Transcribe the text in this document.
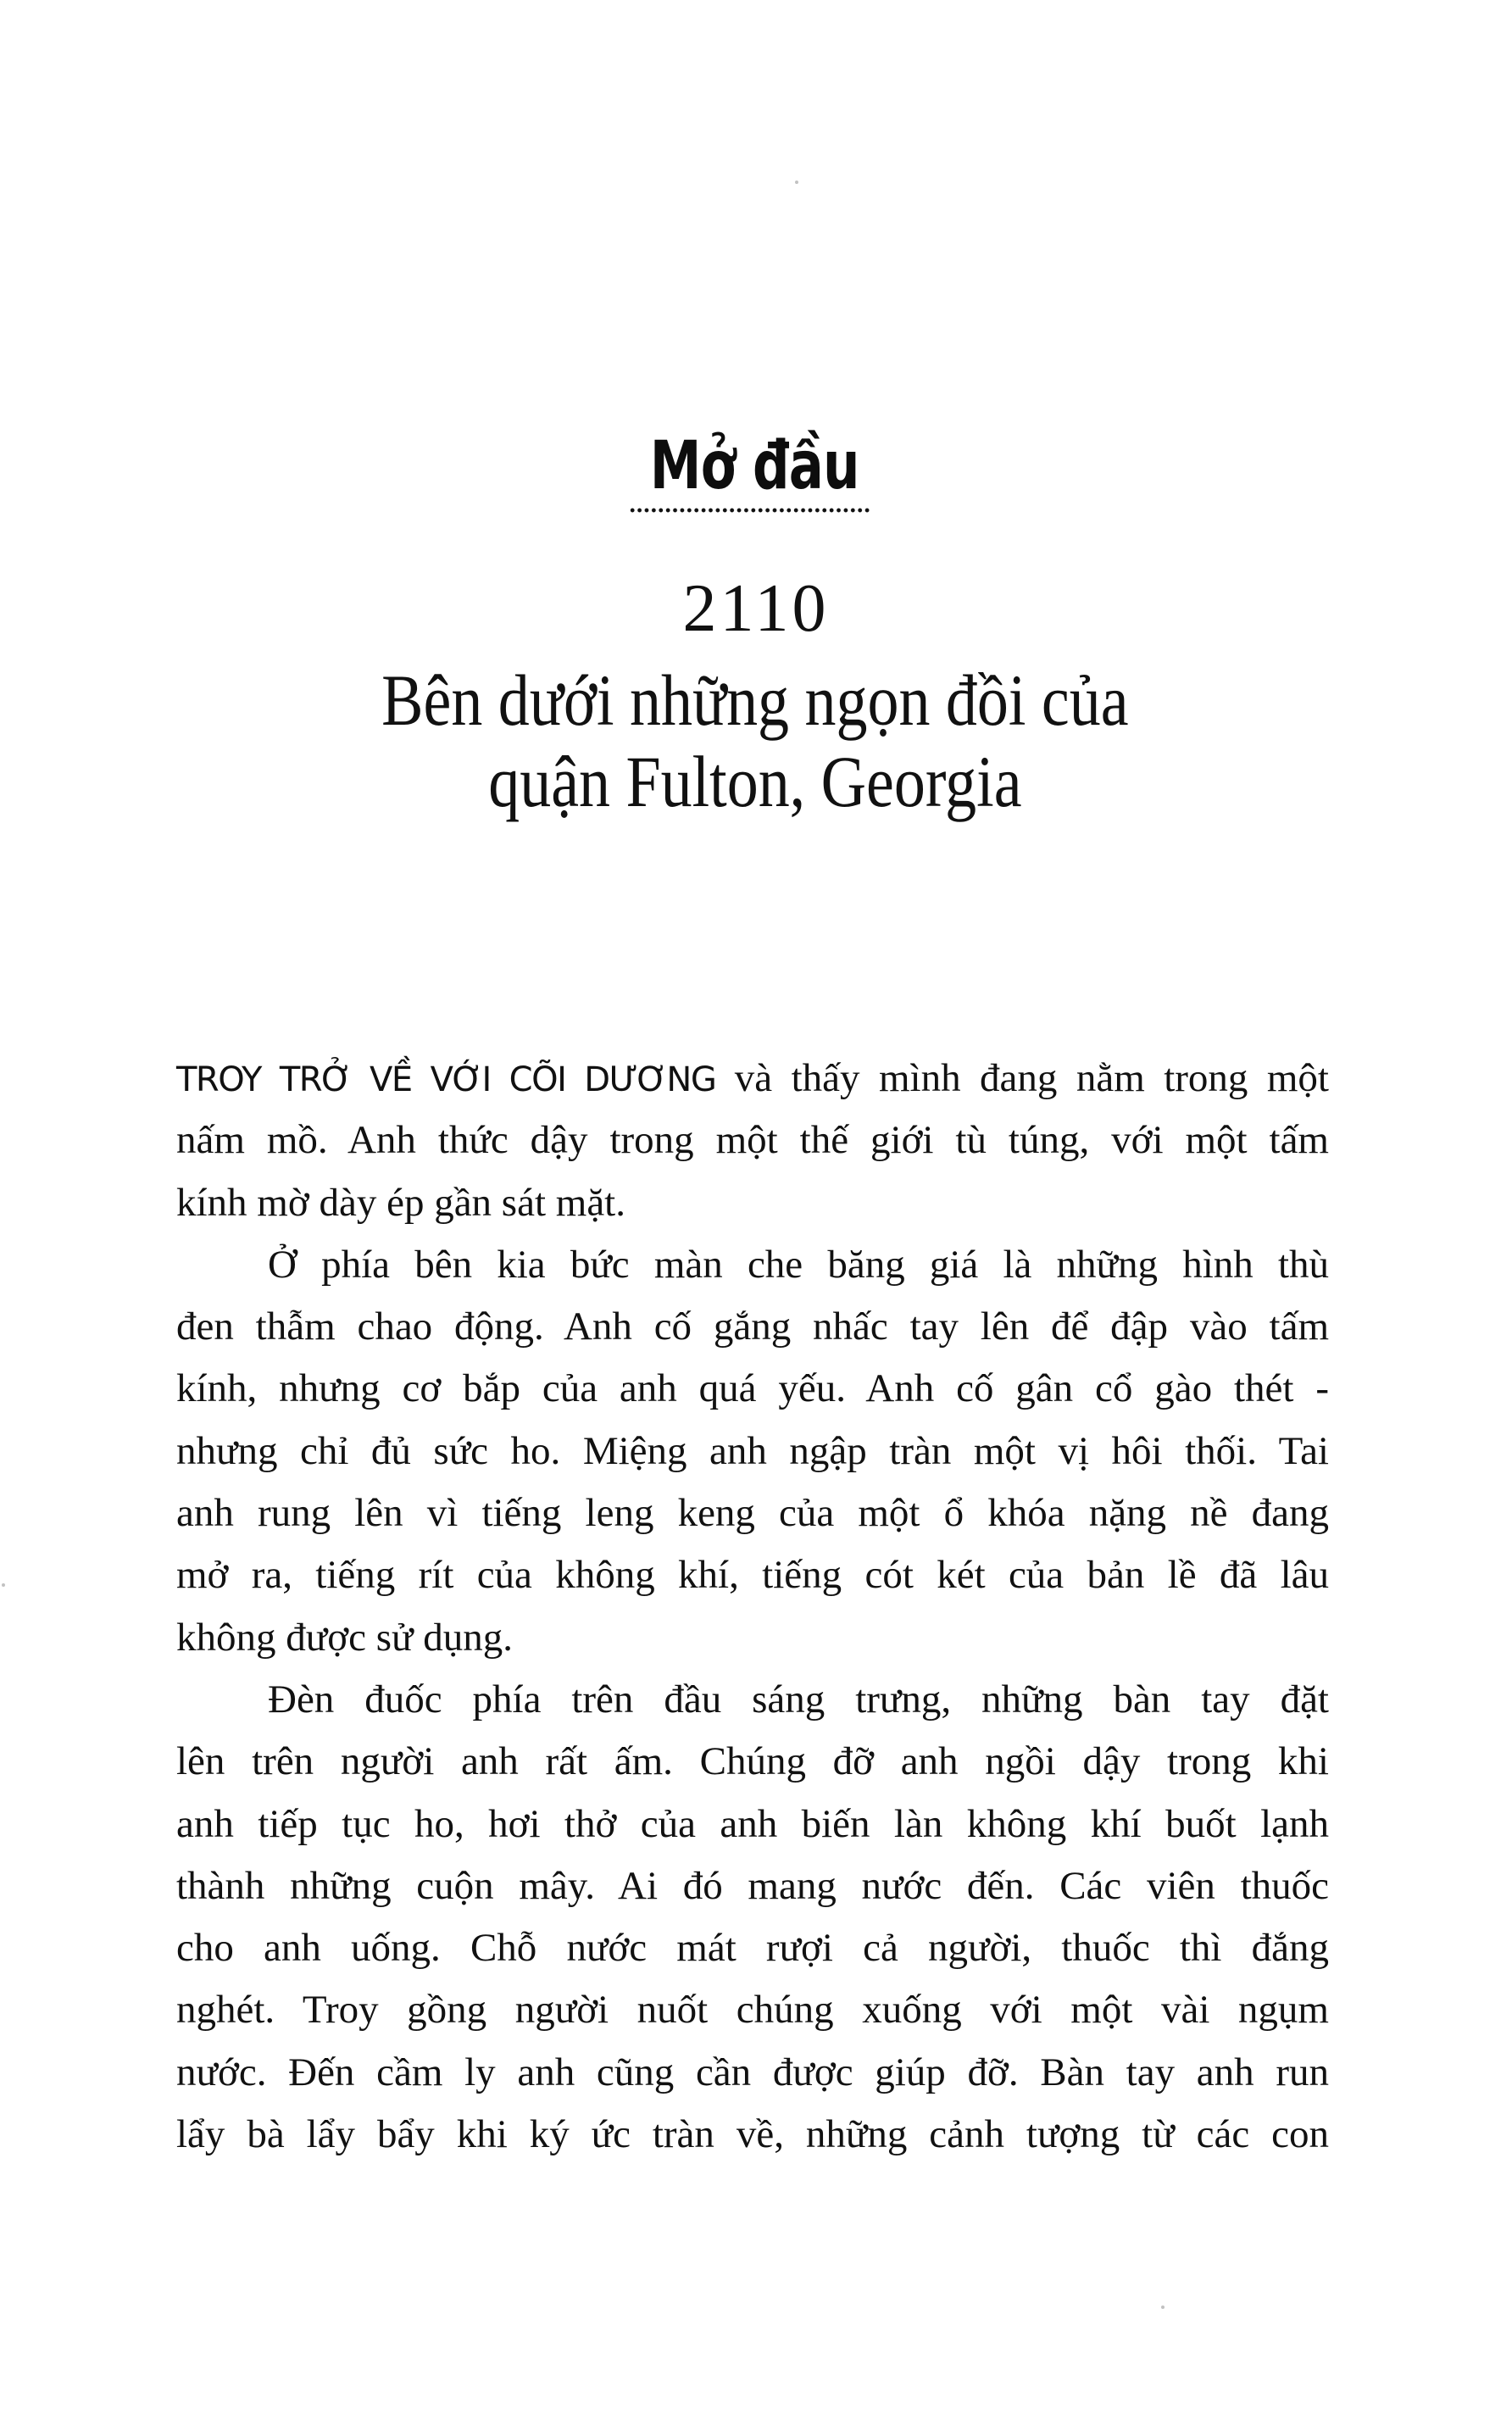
Mở đầu
2110
Bên dưới những ngọn đồi của
quận Fulton, Georgia
TROY TRỞ VỀ VỚI CÕI DƯƠNG và thấy mình đang nằm trong một
nấm mồ. Anh thức dậy trong một thế giới tù túng, với một tấm
kính mờ dày ép gần sát mặt.
Ở phía bên kia bức màn che băng giá là những hình thù
đen thẫm chao động. Anh cố gắng nhấc tay lên để đập vào tấm
kính, nhưng cơ bắp của anh quá yếu. Anh cố gân cổ gào thét -
nhưng chỉ đủ sức ho. Miệng anh ngập tràn một vị hôi thối. Tai
anh rung lên vì tiếng leng keng của một ổ khóa nặng nề đang
mở ra, tiếng rít của không khí, tiếng cót két của bản lề đã lâu
không được sử dụng.
Đèn đuốc phía trên đầu sáng trưng, những bàn tay đặt
lên trên người anh rất ấm. Chúng đỡ anh ngồi dậy trong khi
anh tiếp tục ho, hơi thở của anh biến làn không khí buốt lạnh
thành những cuộn mây. Ai đó mang nước đến. Các viên thuốc
cho anh uống. Chỗ nước mát rượi cả người, thuốc thì đắng
nghét. Troy gồng người nuốt chúng xuống với một vài ngụm
nước. Đến cầm ly anh cũng cần được giúp đỡ. Bàn tay anh run
lẩy bà lẩy bẩy khi ký ức tràn về, những cảnh tượng từ các con
